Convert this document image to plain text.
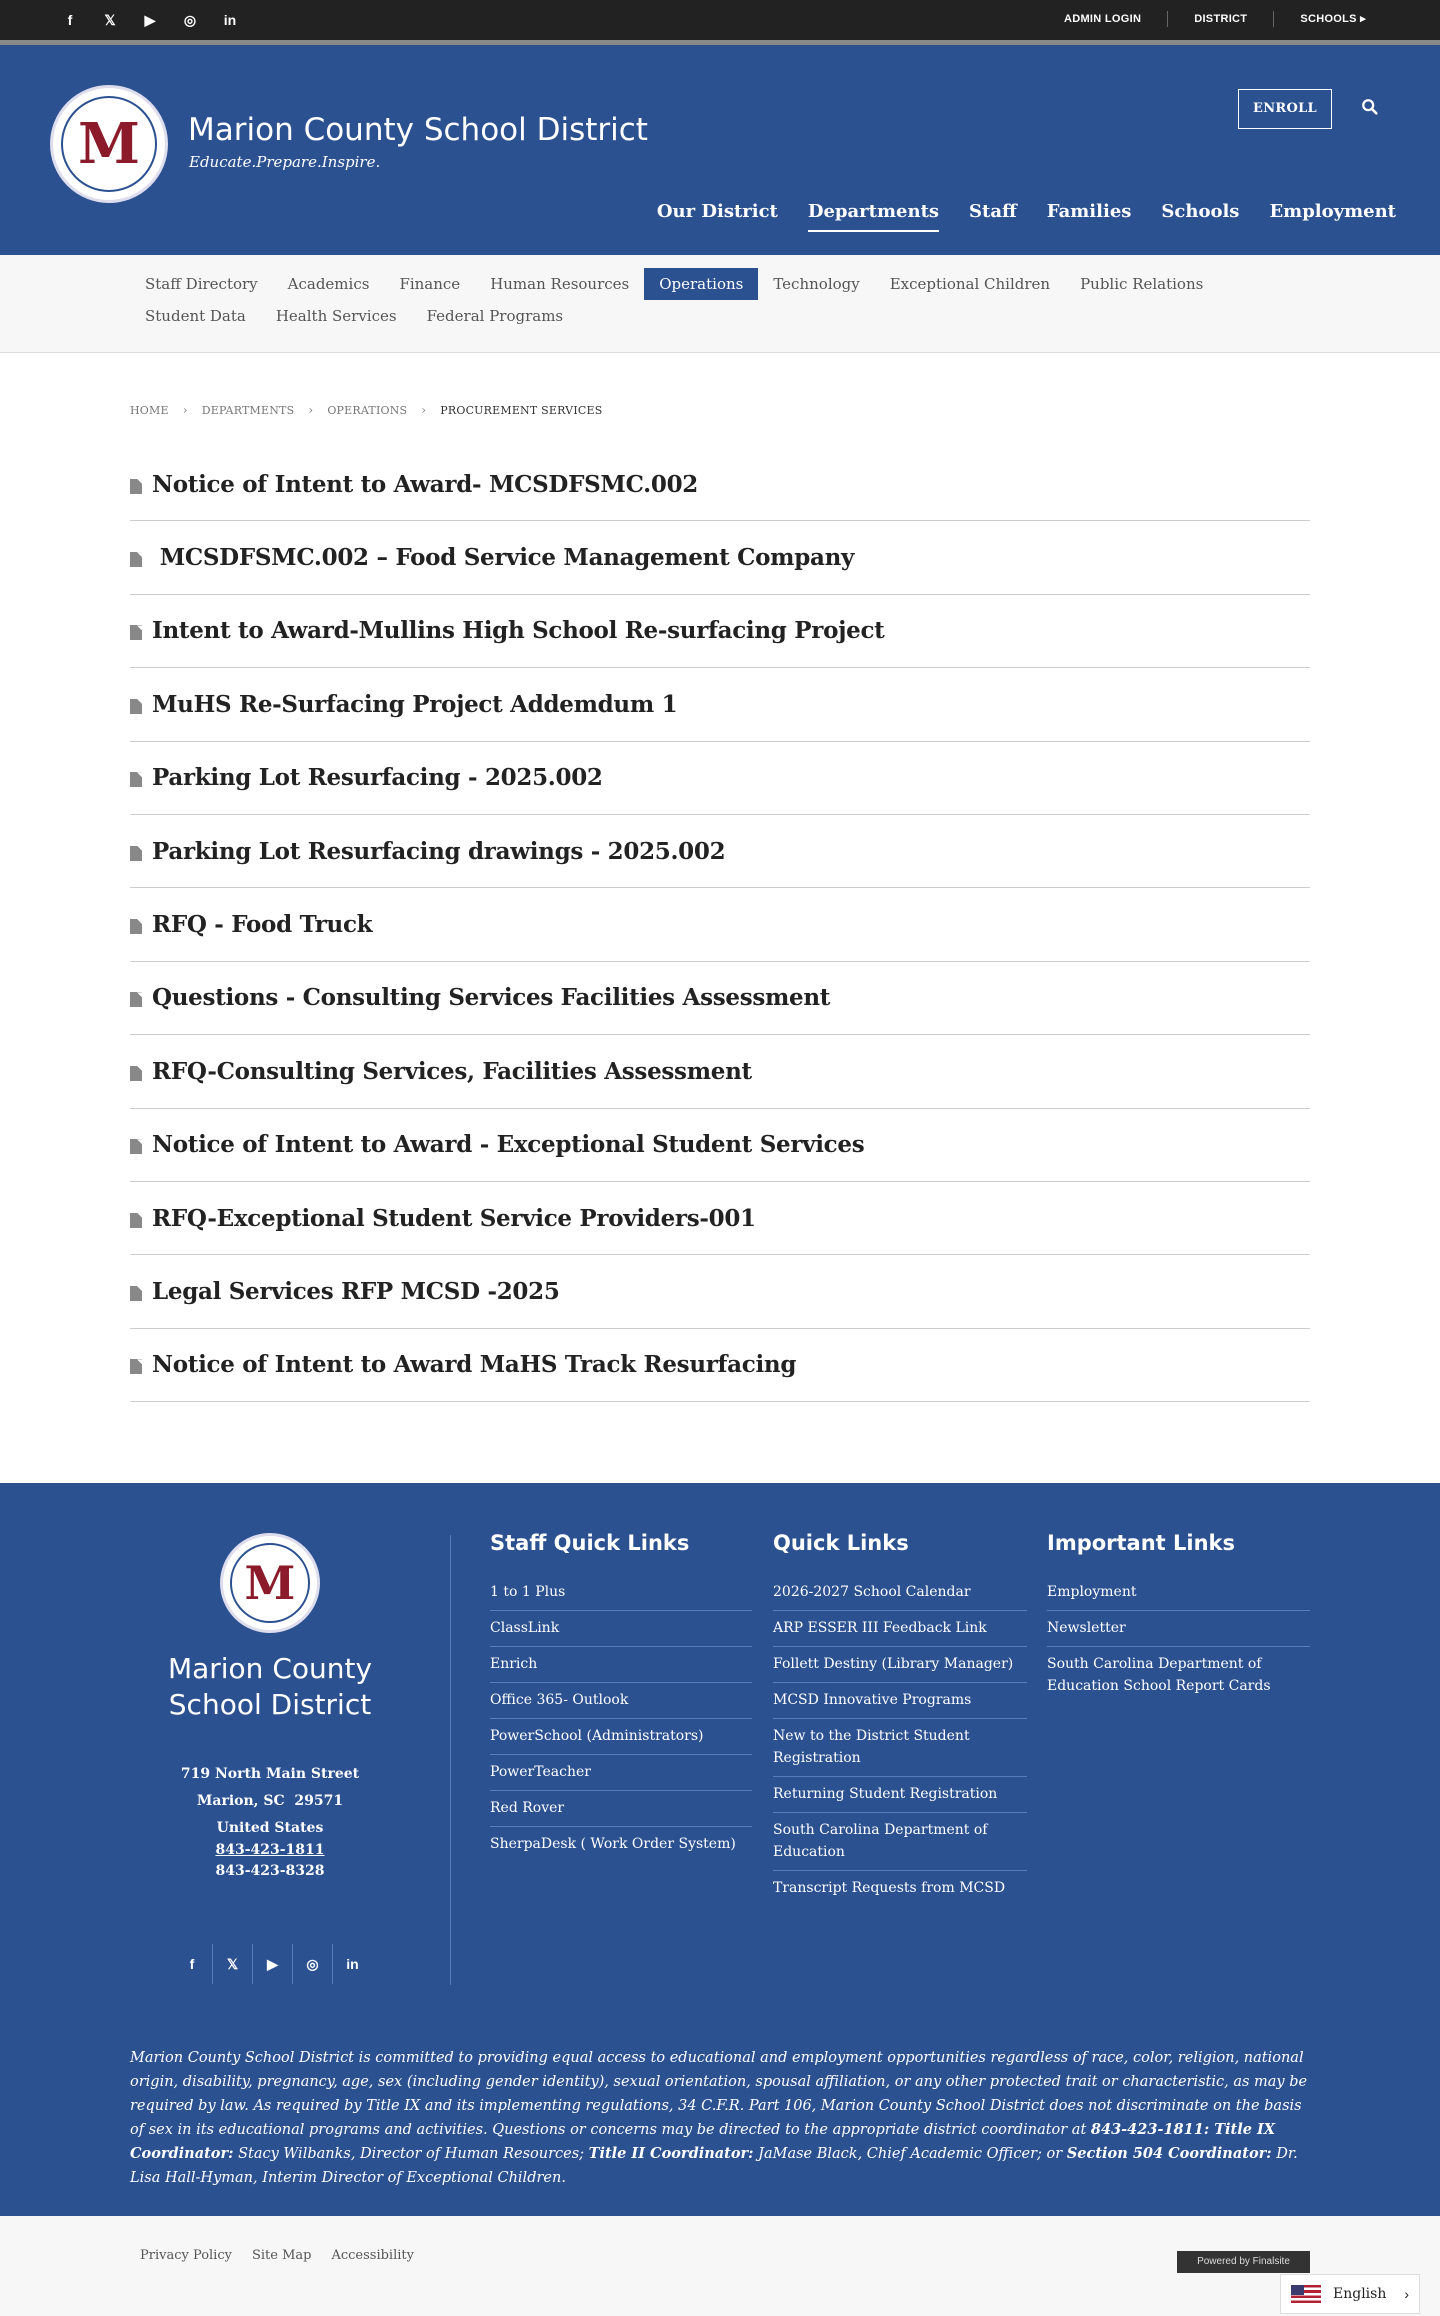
f	𝕏	▶	◎ in	ADMIN LOGIN	DISTRICT	SCHOOLS ▸
M Marion County School District
Educate.Prepare.Inspire.
ENROLL
Our District Departments Staff Families Schools Employment
Staff Directory	Academics	Finance	Human Resources	Operations	Technology	Exceptional Children	Public Relations
Student Data	Health Services	Federal Programs
HOME › DEPARTMENTS › OPERATIONS › PROCUREMENT SERVICES
Notice of Intent to Award- MCSDFSMC.002
MCSDFSMC.002 – Food Service Management Company
Intent to Award-Mullins High School Re-surfacing Project
MuHS Re-Surfacing Project Addemdum 1
Parking Lot Resurfacing - 2025.002
Parking Lot Resurfacing drawings - 2025.002
RFQ - Food Truck
Questions - Consulting Services Facilities Assessment
RFQ-Consulting Services, Facilities Assessment
Notice of Intent to Award - Exceptional Student Services
RFQ-Exceptional Student Service Providers-001
Legal Services RFP MCSD -2025
Notice of Intent to Award MaHS Track Resurfacing
M
Marion County School District
719 North Main Street
Marion, SC  29571
United States
843-423-1811
843-423-8328
f	𝕏	▶	◎	in
Staff Quick Links
1 to 1 Plus
ClassLink
Enrich
Office 365- Outlook
PowerSchool (Administrators)
PowerTeacher
Red Rover
SherpaDesk ( Work Order System)
Quick Links
2026-2027 School Calendar
ARP ESSER III Feedback Link
Follett Destiny (Library Manager)
MCSD Innovative Programs
New to the District Student Registration
Returning Student Registration
South Carolina Department of Education
Transcript Requests from MCSD
Important Links
Employment
Newsletter
South Carolina Department of Education School Report Cards
Marion County School District is committed to providing equal access to educational and employment opportunities regardless of race, color, religion, national origin, disability, pregnancy, age, sex (including gender identity), sexual orientation, spousal affiliation, or any other protected trait or characteristic, as may be required by law. As required by Title IX and its implementing regulations, 34 C.F.R. Part 106, Marion County School District does not discriminate on the basis of sex in its educational programs and activities. Questions or concerns may be directed to the appropriate district coordinator at 843-423-1811: Title IX Coordinator: Stacy Wilbanks, Director of Human Resources; Title II Coordinator: JaMase Black, Chief Academic Officer; or Section 504 Coordinator: Dr. Lisa Hall-Hyman, Interim Director of Exceptional Children.
Privacy Policy Site Map Accessibility	Powered by Finalsite
English ›
